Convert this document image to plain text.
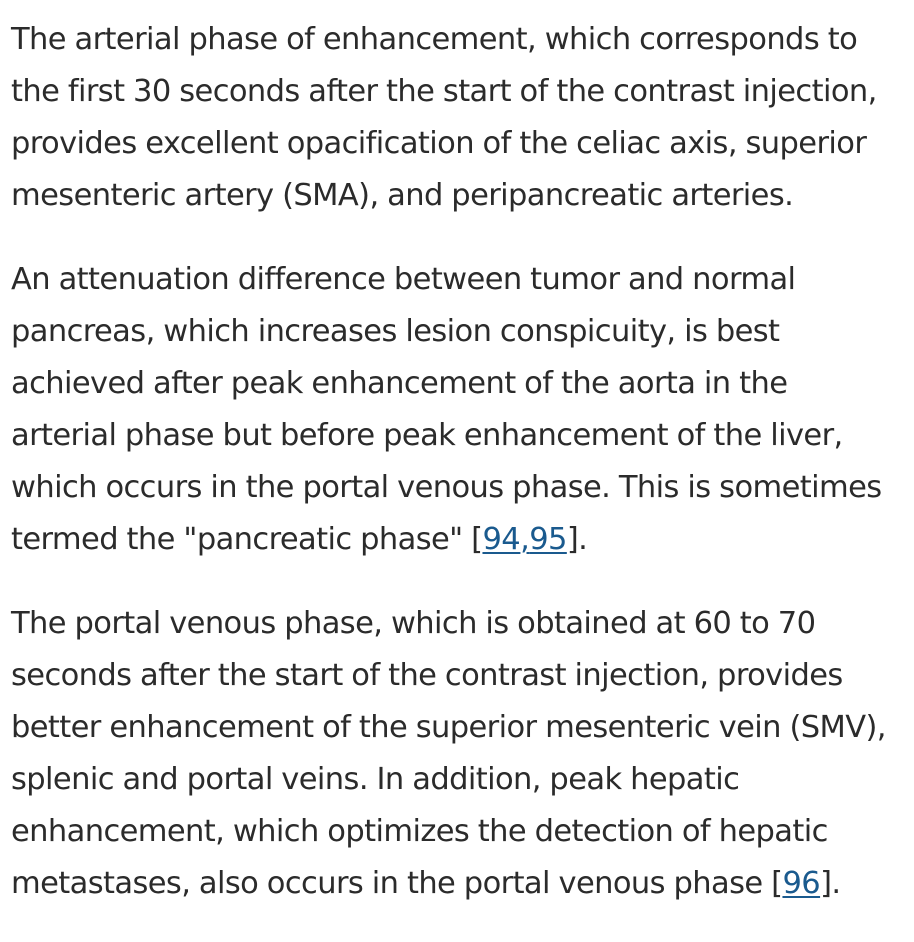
The arterial phase of enhancement, which corresponds to
the first 30 seconds after the start of the contrast injection,
provides excellent opacification of the celiac axis, superior
mesenteric artery (SMA), and peripancreatic arteries.

An attenuation difference between tumor and normal
pancreas, which increases lesion conspicuity, is best
achieved after peak enhancement of the aorta in the
arterial phase but before peak enhancement of the liver,
which occurs in the portal venous phase. This is sometimes
termed the "pancreatic phase" [94,95].

The portal venous phase, which is obtained at 60 to 70
seconds after the start of the contrast injection, provides
better enhancement of the superior mesenteric vein (SMV),
splenic and portal veins. In addition, peak hepatic
enhancement, which optimizes the detection of hepatic
metastases, also occurs in the portal venous phase [96].
